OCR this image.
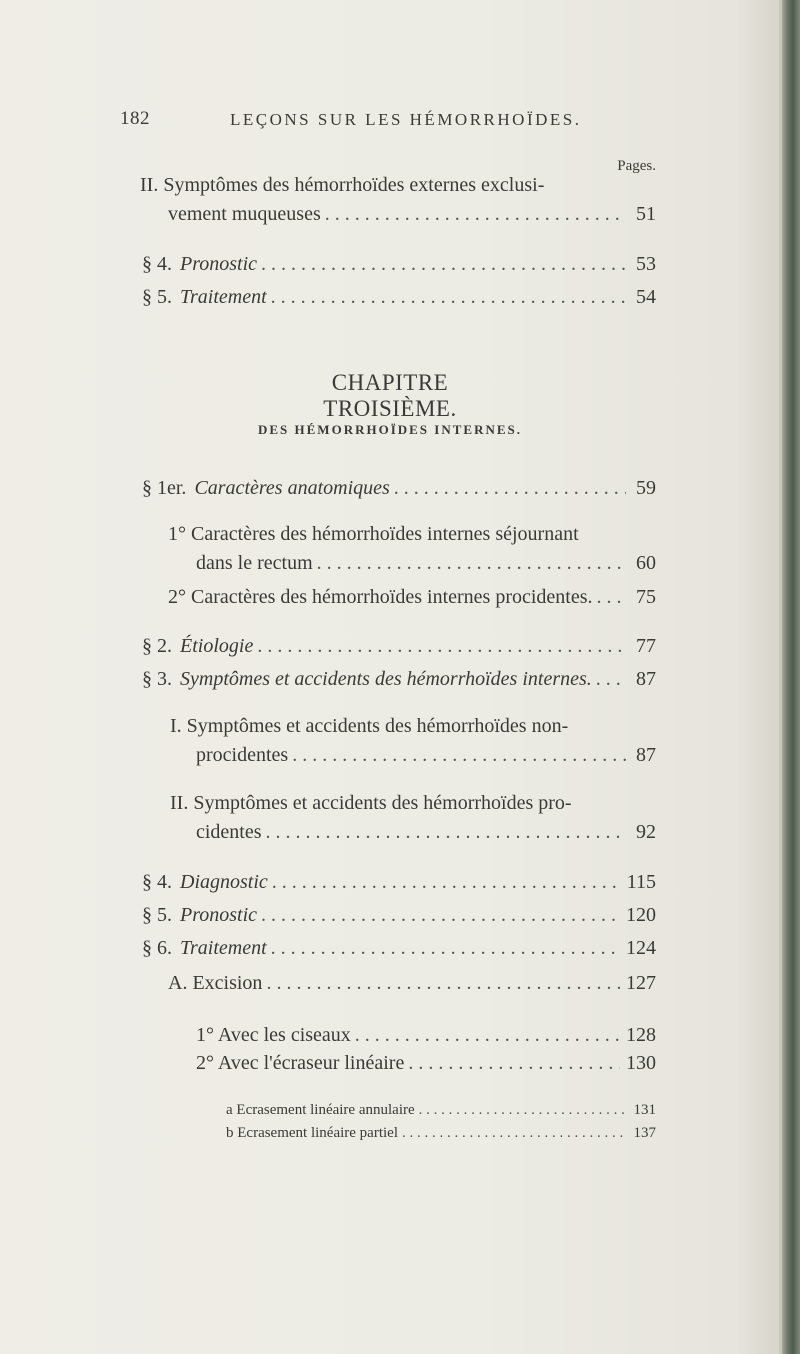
182	LEÇONS SUR LES HÉMORRHOÏDES.
Pages.
II. Symptômes des hémorrhoïdes externes exclusi-
vement muqueuses . . .	51
§ 4. Pronostic . . .	53
§ 5. Traitement . . .	54
CHAPITRE TROISIÈME.
DES HÉMORRHOÏDES INTERNES.
§ 1er. Caractères anatomiques . . .	59
1° Caractères des hémorrhoïdes internes séjournant
dans le rectum . . .	60
2° Caractères des hémorrhoïdes internes procidentes. . . . 75
§ 2. Étiologie . . .	77
§ 3. Symptômes et accidents des hémorrhoïdes internes. . . . 87
I. Symptômes et accidents des hémorrhoïdes non-
procidentes . . .	87
II. Symptômes et accidents des hémorrhoïdes pro-
cidentes . . .	92
§ 4. Diagnostic . . .	115
§ 5. Pronostic . . .	120
§ 6. Traitement . . .	124
A. Excision . . .	127
1° Avec les ciseaux . . .	128
2° Avec l'écraseur linéaire . . .	130
a Ecrasement linéaire annulaire . . .	131
b Ecrasement linéaire partiel . . .	137
